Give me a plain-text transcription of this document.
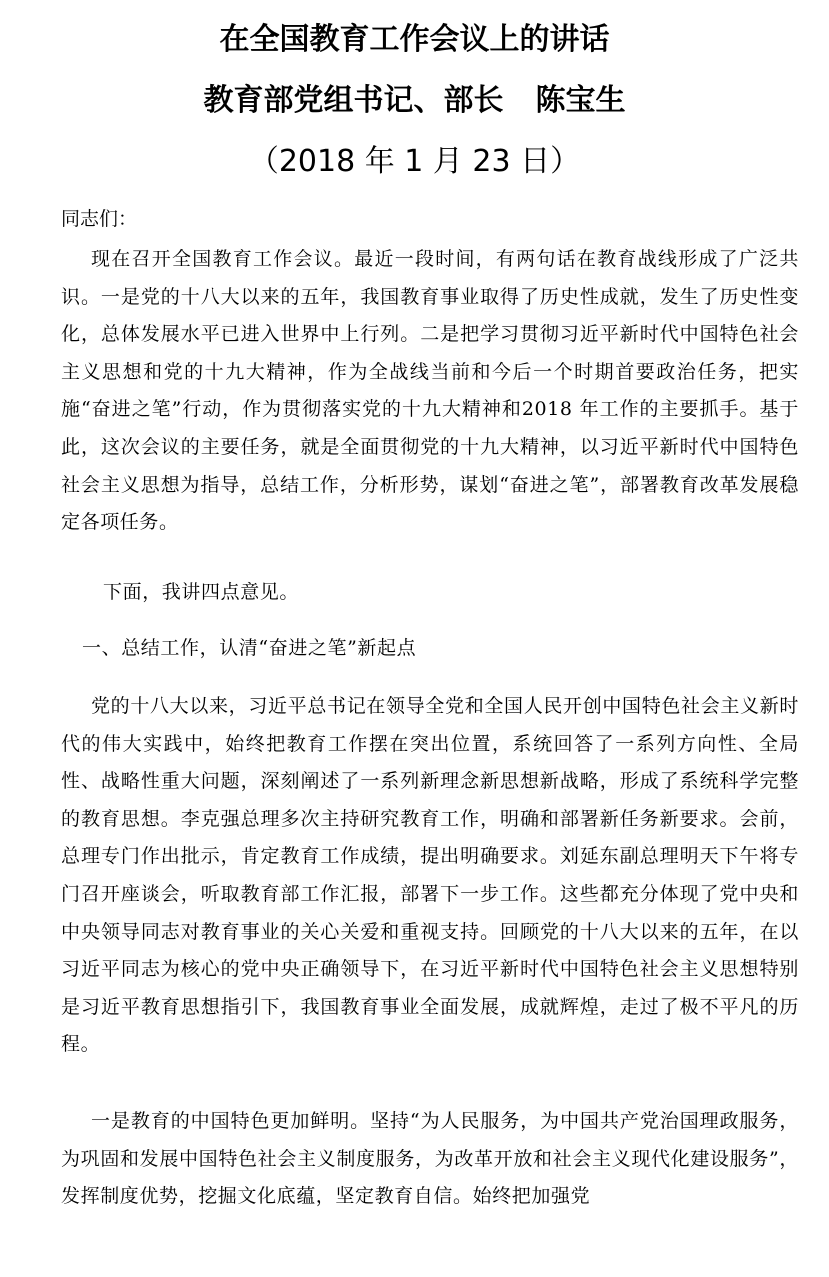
在全国教育工作会议上的讲话
教育部党组书记、部长 陈宝生
（2018 年 1 月 23 日）
同志们：
现在召开全国教育工作会议。最近一段时间，有两句话在教育战线形成了广泛共识。一是党的十八大以来的五年，我国教育事业取得了历史性成就，发生了历史性变化，总体发展水平已进入世界中上行列。二是把学习贯彻习近平新时代中国特色社会主义思想和党的十九大精神，作为全战线当前和今后一个时期首要政治任务，把实施“奋进之笔”行动，作为贯彻落实党的十九大精神和2018 年工作的主要抓手。基于此，这次会议的主要任务，就是全面贯彻党的十九大精神，以习近平新时代中国特色社会主义思想为指导，总结工作，分析形势，谋划“奋进之笔”，部署教育改革发展稳定各项任务。
下面，我讲四点意见。
一、总结工作，认清“奋进之笔”新起点
党的十八大以来，习近平总书记在领导全党和全国人民开创中国特色社会主义新时代的伟大实践中，始终把教育工作摆在突出位置，系统回答了一系列方向性、全局性、战略性重大问题，深刻阐述了一系列新理念新思想新战略，形成了系统科学完整的教育思想。李克强总理多次主持研究教育工作，明确和部署新任务新要求。会前，总理专门作出批示，肯定教育工作成绩，提出明确要求。刘延东副总理明天下午将专门召开座谈会，听取教育部工作汇报，部署下一步工作。这些都充分体现了党中央和中央领导同志对教育事业的关心关爱和重视支持。回顾党的十八大以来的五年，在以习近平同志为核心的党中央正确领导下，在习近平新时代中国特色社会主义思想特别是习近平教育思想指引下，我国教育事业全面发展，成就辉煌，走过了极不平凡的历程。
一是教育的中国特色更加鲜明。坚持“为人民服务，为中国共产党治国理政服务，为巩固和发展中国特色社会主义制度服务，为改革开放和社会主义现代化建设服务”，发挥制度优势，挖掘文化底蕴，坚定教育自信。始终把加强党
